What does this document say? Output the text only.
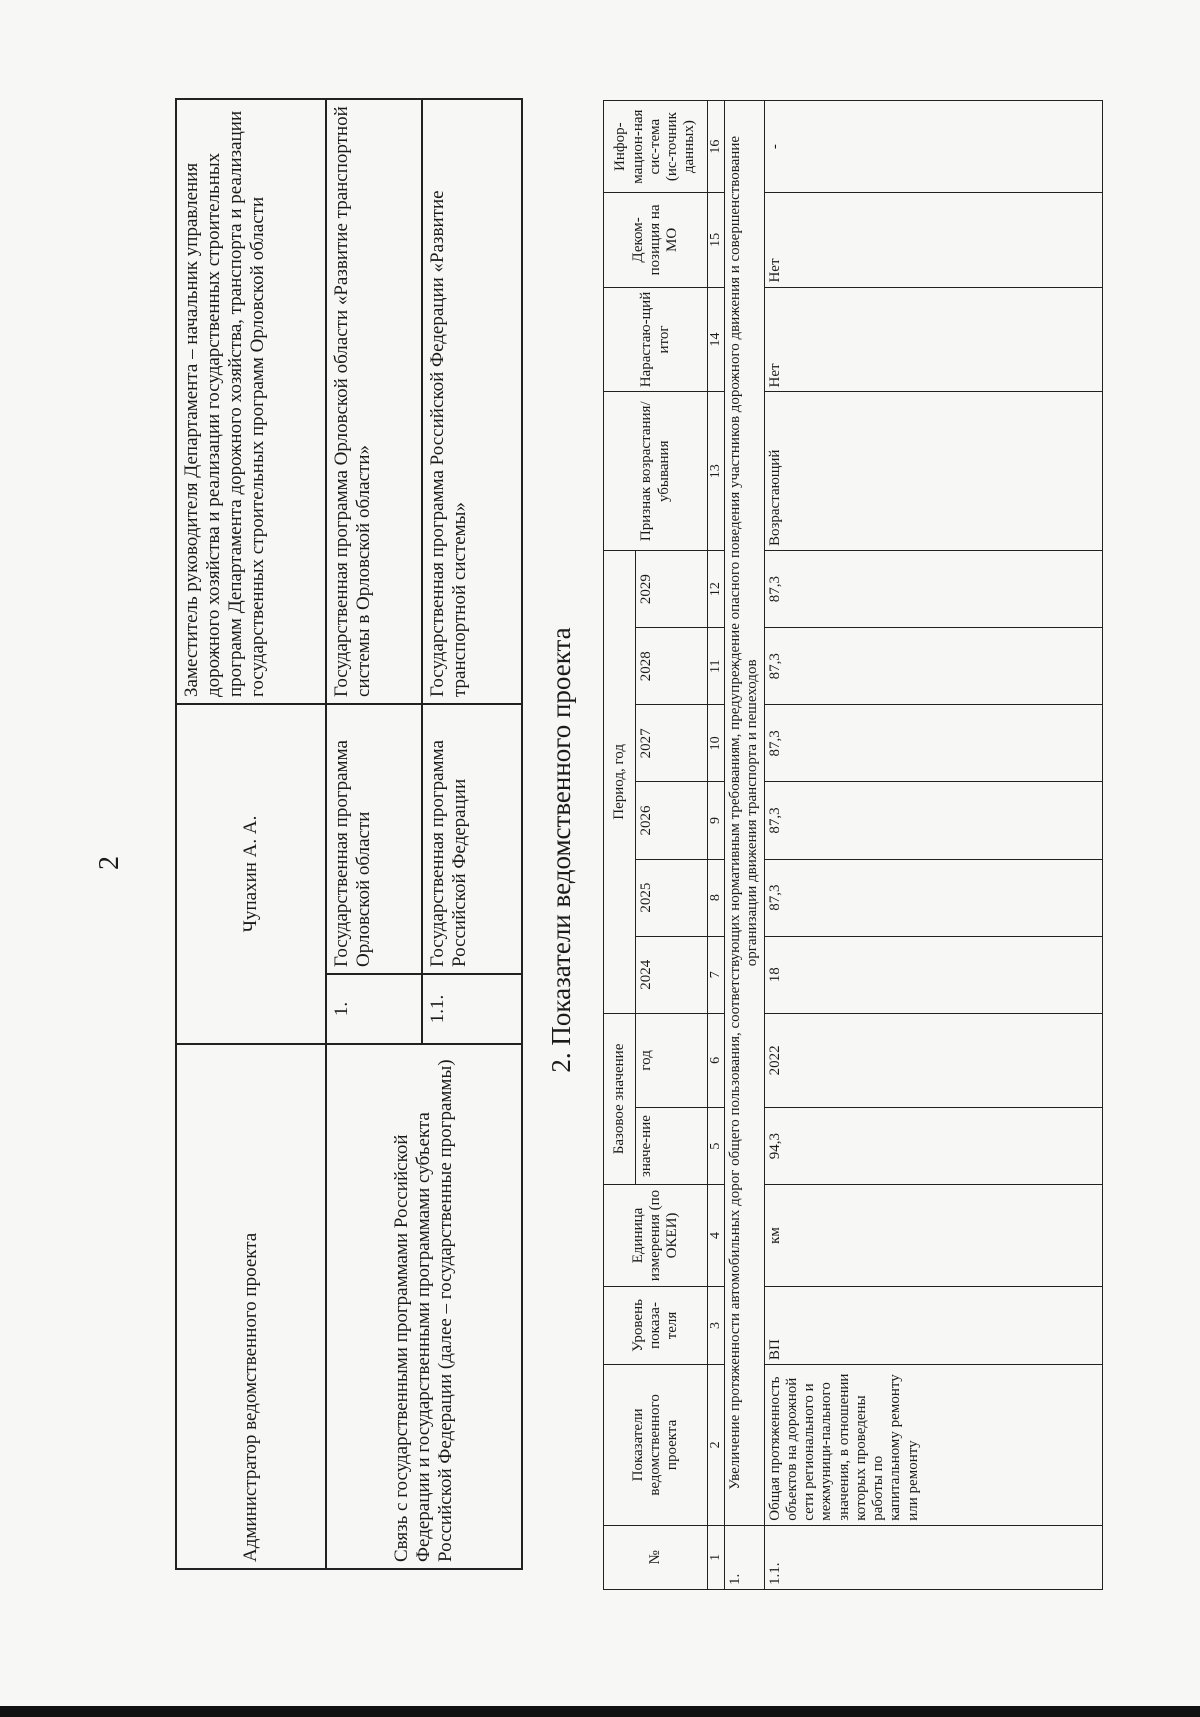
2
Администратор ведомственного проекта	Чупахин А. А.		Заместитель руководителя Департамента – начальник управления дорожного хозяйства и реализации государственных строительных программ Департамента дорожного хозяйства, транспорта и реализации государственных строительных программ Орловской области
Связь с государственными программами Российской Федерации и государственными программами субъекта Российской Федерации (далее – государственные программы)	1.	Государственная программа Орловской области	Государственная программа Орловской области «Развитие транспортной системы в Орловской области»
	1.1.	Государственная программа Российской Федерации	Государственная программа Российской Федерации «Развитие транспортной системы»
2. Показатели ведомственного проекта
№	Показатели ведомственного проекта	Уровень показа-теля	Единица измерения (по ОКЕИ)	Базовое значение		Период, год						Признак возрастания/ убывания	Нарастаю-щий итог	Деком-позиция на МО	Инфор-мацион-ная сис-тема (ис-точник данных)
				значе-ние	год	2024	2025	2026	2027	2028	2029				
1	2	3	4	5	6	7	8	9	10	11	12	13	14	15	16
1.	Увеличение протяженности автомобильных дорог общего пользования, соответствующих нормативным требованиям, предупреждение опасного поведения участников дорожного движения и совершенствование организации движения транспорта и пешеходов														
1.1.	Общая протяженность объектов на дорожной сети регионального и межмуници-пального значения, в отношении которых проведены работы по капитальному ремонту или ремонту	ВП	км	94,3	2022	18	87,3	87,3	87,3	87,3	87,3	Возрастающий	Нет	Нет	-
